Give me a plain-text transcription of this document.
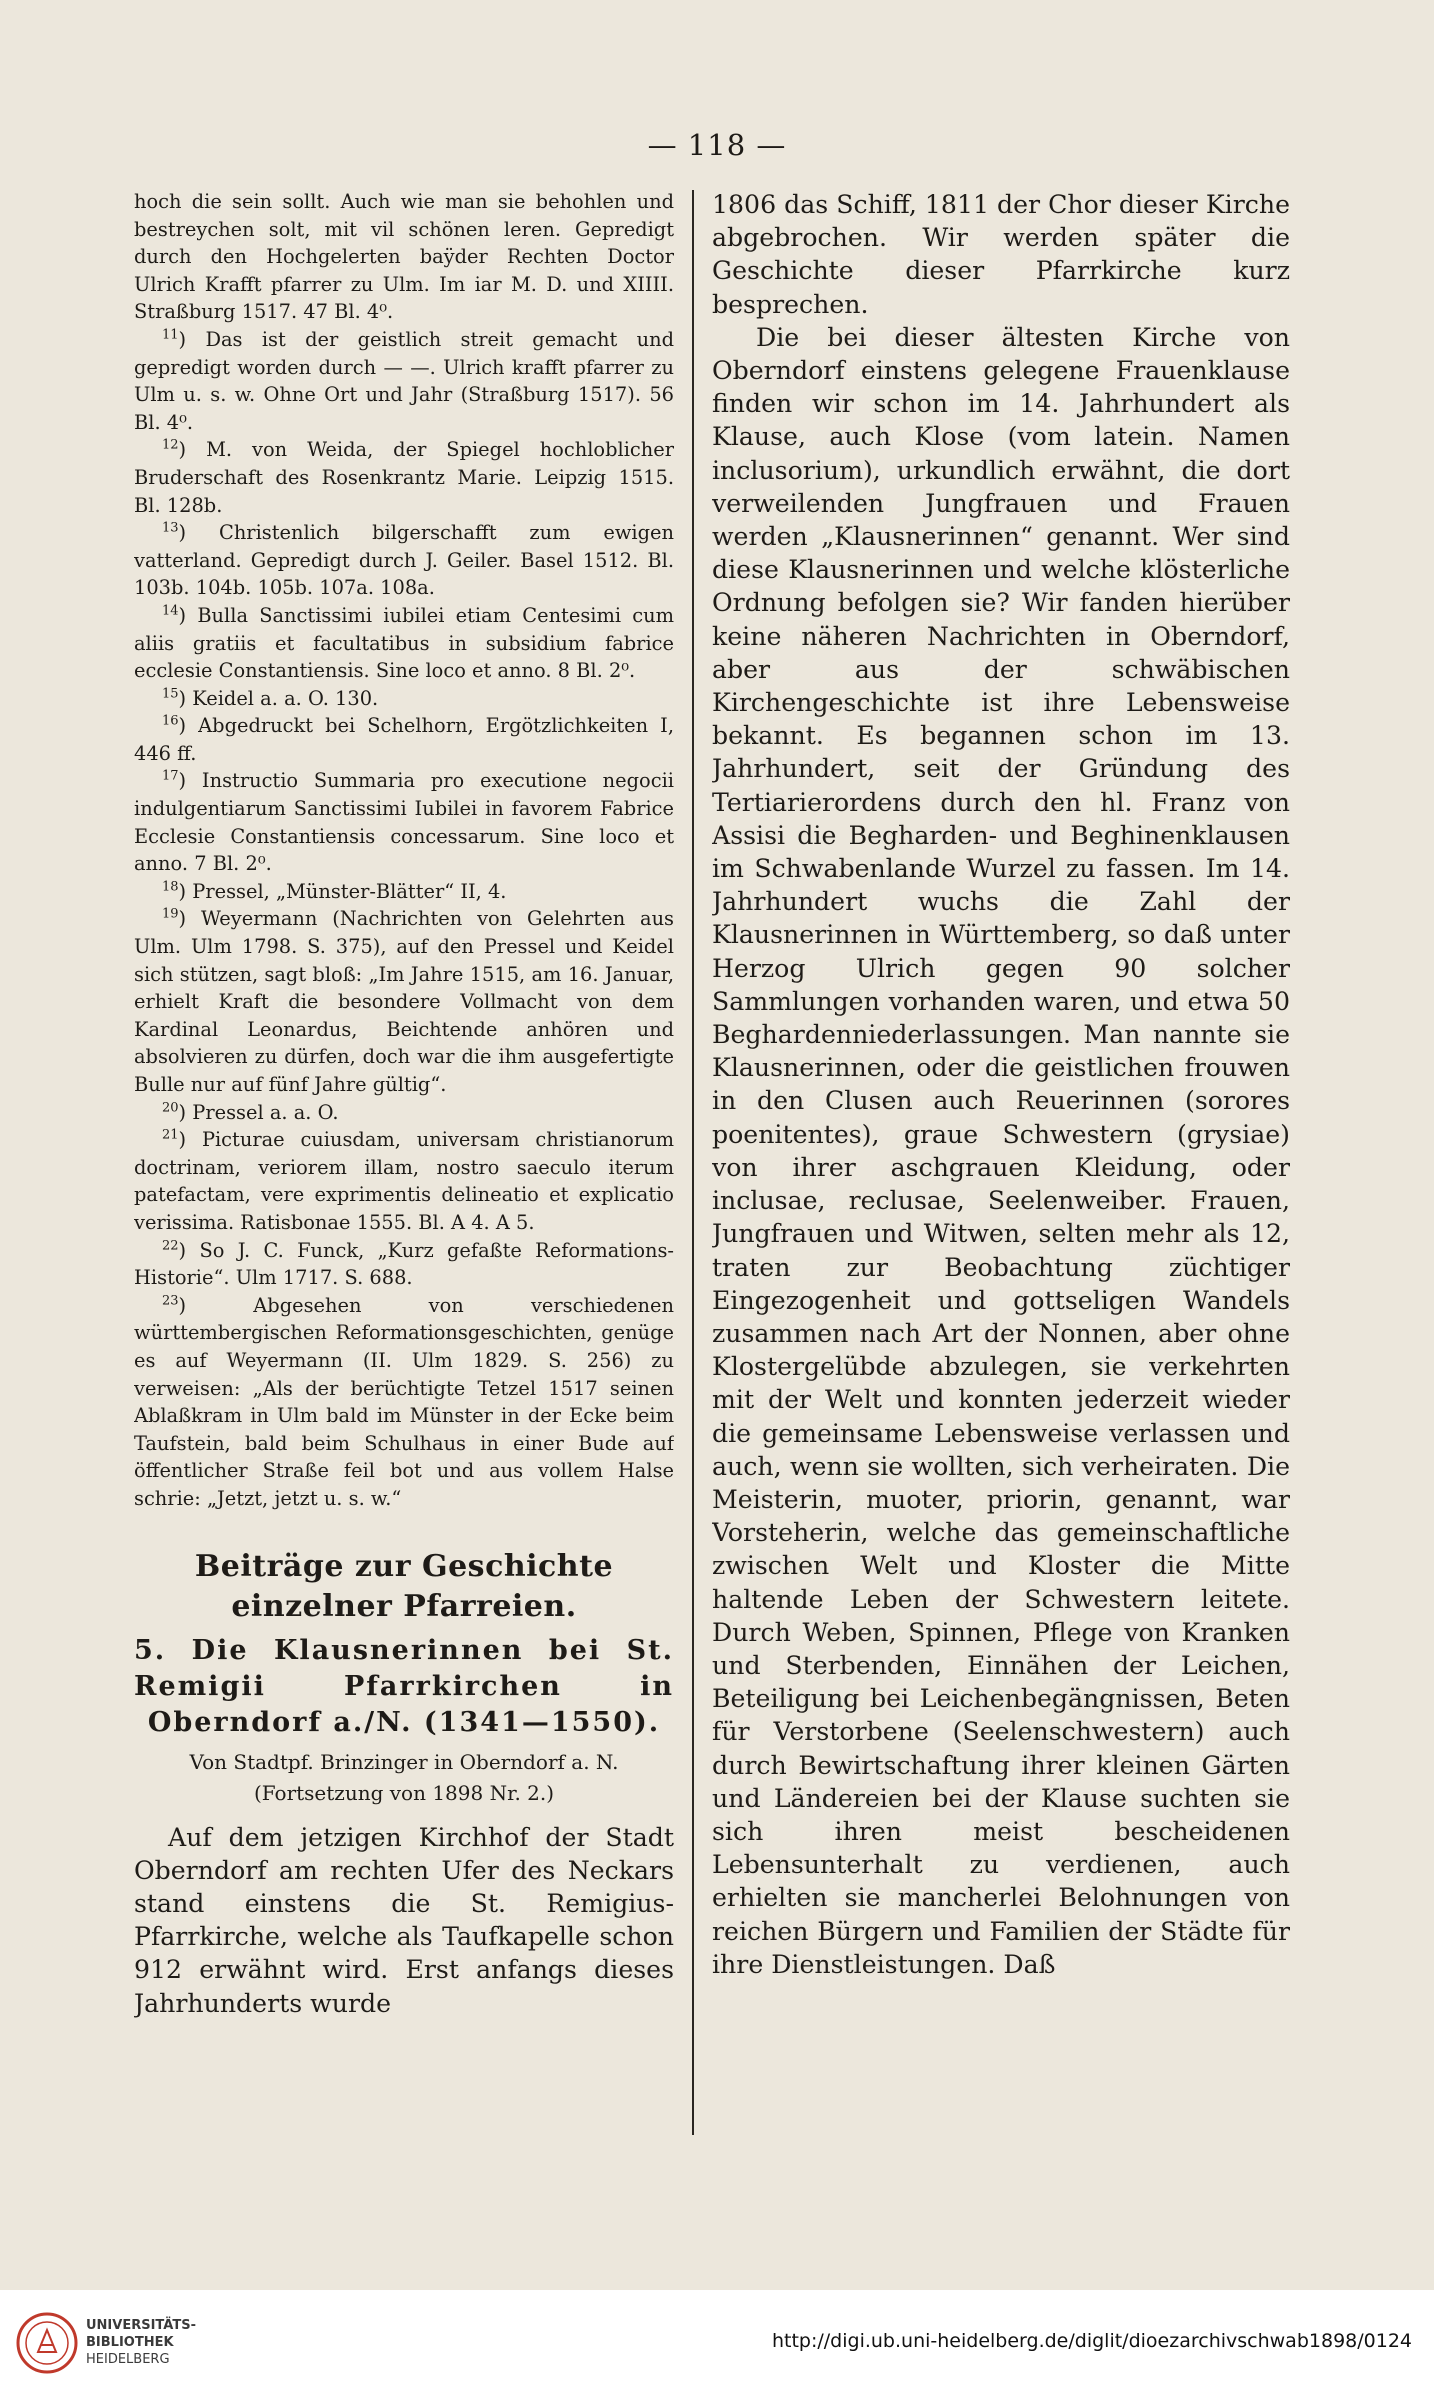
— 118 —

hoch die sein sollt. Auch wie man sie behohlen und bestreychen solt, mit vil schönen leren. Gepredigt durch den Hochgelerten baÿder Rechten Doctor Ulrich Krafft pfarrer zu Ulm. Im iar M. D. und XIIII. Straßburg 1517. 47 Bl. 4⁰.

$^{11}$) Das ist der geistlich streit gemacht und gepredigt worden durch — —. Ulrich krafft pfarrer zu Ulm u. s. w. Ohne Ort und Jahr (Straßburg 1517). 56 Bl. 4⁰.

$^{12}$) M. von Weida, der Spiegel hochloblicher Bruderschaft des Rosenkrantz Marie. Leipzig 1515. Bl. 128b.

$^{13}$) Christenlich bilgerschafft zum ewigen vatterland. Gepredigt durch J. Geiler. Basel 1512. Bl. 103b. 104b. 105b. 107a. 108a.

$^{14}$) Bulla Sanctissimi iubilei etiam Centesimi cum aliis gratiis et facultatibus in subsidium fabrice ecclesie Constantiensis. Sine loco et anno. 8 Bl. 2⁰.

$^{15}$) Keidel a. a. O. 130.

$^{16}$) Abgedruckt bei Schelhorn, Ergötzlichkeiten I, 446 ff.

$^{17}$) Instructio Summaria pro executione negocii indulgentiarum Sanctissimi Iubilei in favorem Fabrice Ecclesie Constantiensis concessarum. Sine loco et anno. 7 Bl. 2⁰.

$^{18}$) Pressel, „Münster-Blätter“ II, 4.

$^{19}$) Weyermann (Nachrichten von Gelehrten aus Ulm. Ulm 1798. S. 375), auf den Pressel und Keidel sich stützen, sagt bloß: „Im Jahre 1515, am 16. Januar, erhielt Kraft die besondere Vollmacht von dem Kardinal Leonardus, Beichtende anhören und absolvieren zu dürfen, doch war die ihm ausgefertigte Bulle nur auf fünf Jahre gültig“.

$^{20}$) Pressel a. a. O.

$^{21}$) Picturae cuiusdam, universam christianorum doctrinam, veriorem illam, nostro saeculo iterum patefactam, vere exprimentis delineatio et explicatio verissima. Ratisbonae 1555. Bl. A 4. A 5.

$^{22}$) So J. C. Funck, „Kurz gefaßte Reformations-Historie“. Ulm 1717. S. 688.

$^{23}$) Abgesehen von verschiedenen württembergischen Reformationsgeschichten, genüge es auf Weyermann (II. Ulm 1829. S. 256) zu verweisen: „Als der berüchtigte Tetzel 1517 seinen Ablaßkram in Ulm bald im Münster in der Ecke beim Taufstein, bald beim Schulhaus in einer Bude auf öffentlicher Straße feil bot und aus vollem Halse schrie: „Jetzt, jetzt u. s. w.“

Beiträge zur Geschichte einzelner Pfarreien.
5. Die Klausnerinnen bei St. Remigii Pfarrkirchen in Oberndorf a./N. (1341—1550).

Von Stadtpf. Brinzinger in Oberndorf a. N.

(Fortsetzung von 1898 Nr. 2.)

Auf dem jetzigen Kirchhof der Stadt Oberndorf am rechten Ufer des Neckars stand einstens die St. Remigius-Pfarrkirche, welche als Taufkapelle schon 912 erwähnt wird. Erst anfangs dieses Jahrhunderts wurde

1806 das Schiff, 1811 der Chor dieser Kirche abgebrochen. Wir werden später die Geschichte dieser Pfarrkirche kurz besprechen.

Die bei dieser ältesten Kirche von Oberndorf einstens gelegene Frauenklause finden wir schon im 14. Jahrhundert als Klause, auch Klose (vom latein. Namen inclusorium), urkundlich erwähnt, die dort verweilenden Jungfrauen und Frauen werden „Klausnerinnen“ genannt. Wer sind diese Klausnerinnen und welche klösterliche Ordnung befolgen sie? Wir fanden hierüber keine näheren Nachrichten in Oberndorf, aber aus der schwäbischen Kirchengeschichte ist ihre Lebensweise bekannt. Es begannen schon im 13. Jahrhundert, seit der Gründung des Tertiarierordens durch den hl. Franz von Assisi die Begharden- und Beghinenklausen im Schwabenlande Wurzel zu fassen. Im 14. Jahrhundert wuchs die Zahl der Klausnerinnen in Württemberg, so daß unter Herzog Ulrich gegen 90 solcher Sammlungen vorhanden waren, und etwa 50 Beghardenniederlassungen. Man nannte sie Klausnerinnen, oder die geistlichen frouwen in den Clusen auch Reuerinnen (sorores poenitentes), graue Schwestern (grysiae) von ihrer aschgrauen Kleidung, oder inclusae, reclusae, Seelenweiber. Frauen, Jungfrauen und Witwen, selten mehr als 12, traten zur Beobachtung züchtiger Eingezogenheit und gottseligen Wandels zusammen nach Art der Nonnen, aber ohne Klostergelübde abzulegen, sie verkehrten mit der Welt und konnten jederzeit wieder die gemeinsame Lebensweise verlassen und auch, wenn sie wollten, sich verheiraten. Die Meisterin, muoter, priorin, genannt, war Vorsteherin, welche das gemeinschaftliche zwischen Welt und Kloster die Mitte haltende Leben der Schwestern leitete. Durch Weben, Spinnen, Pflege von Kranken und Sterbenden, Einnähen der Leichen, Beteiligung bei Leichenbegängnissen, Beten für Verstorbene (Seelenschwestern) auch durch Bewirtschaftung ihrer kleinen Gärten und Ländereien bei der Klause suchten sie sich ihren meist bescheidenen Lebensunterhalt zu verdienen, auch erhielten sie mancherlei Belohnungen von reichen Bürgern und Familien der Städte für ihre Dienstleistungen. Daß

UNIVERSITÄTS-
BIBLIOTHEK
HEIDELBERG
http://digi.ub.uni-heidelberg.de/diglit/dioezarchivschwab1898/0124
